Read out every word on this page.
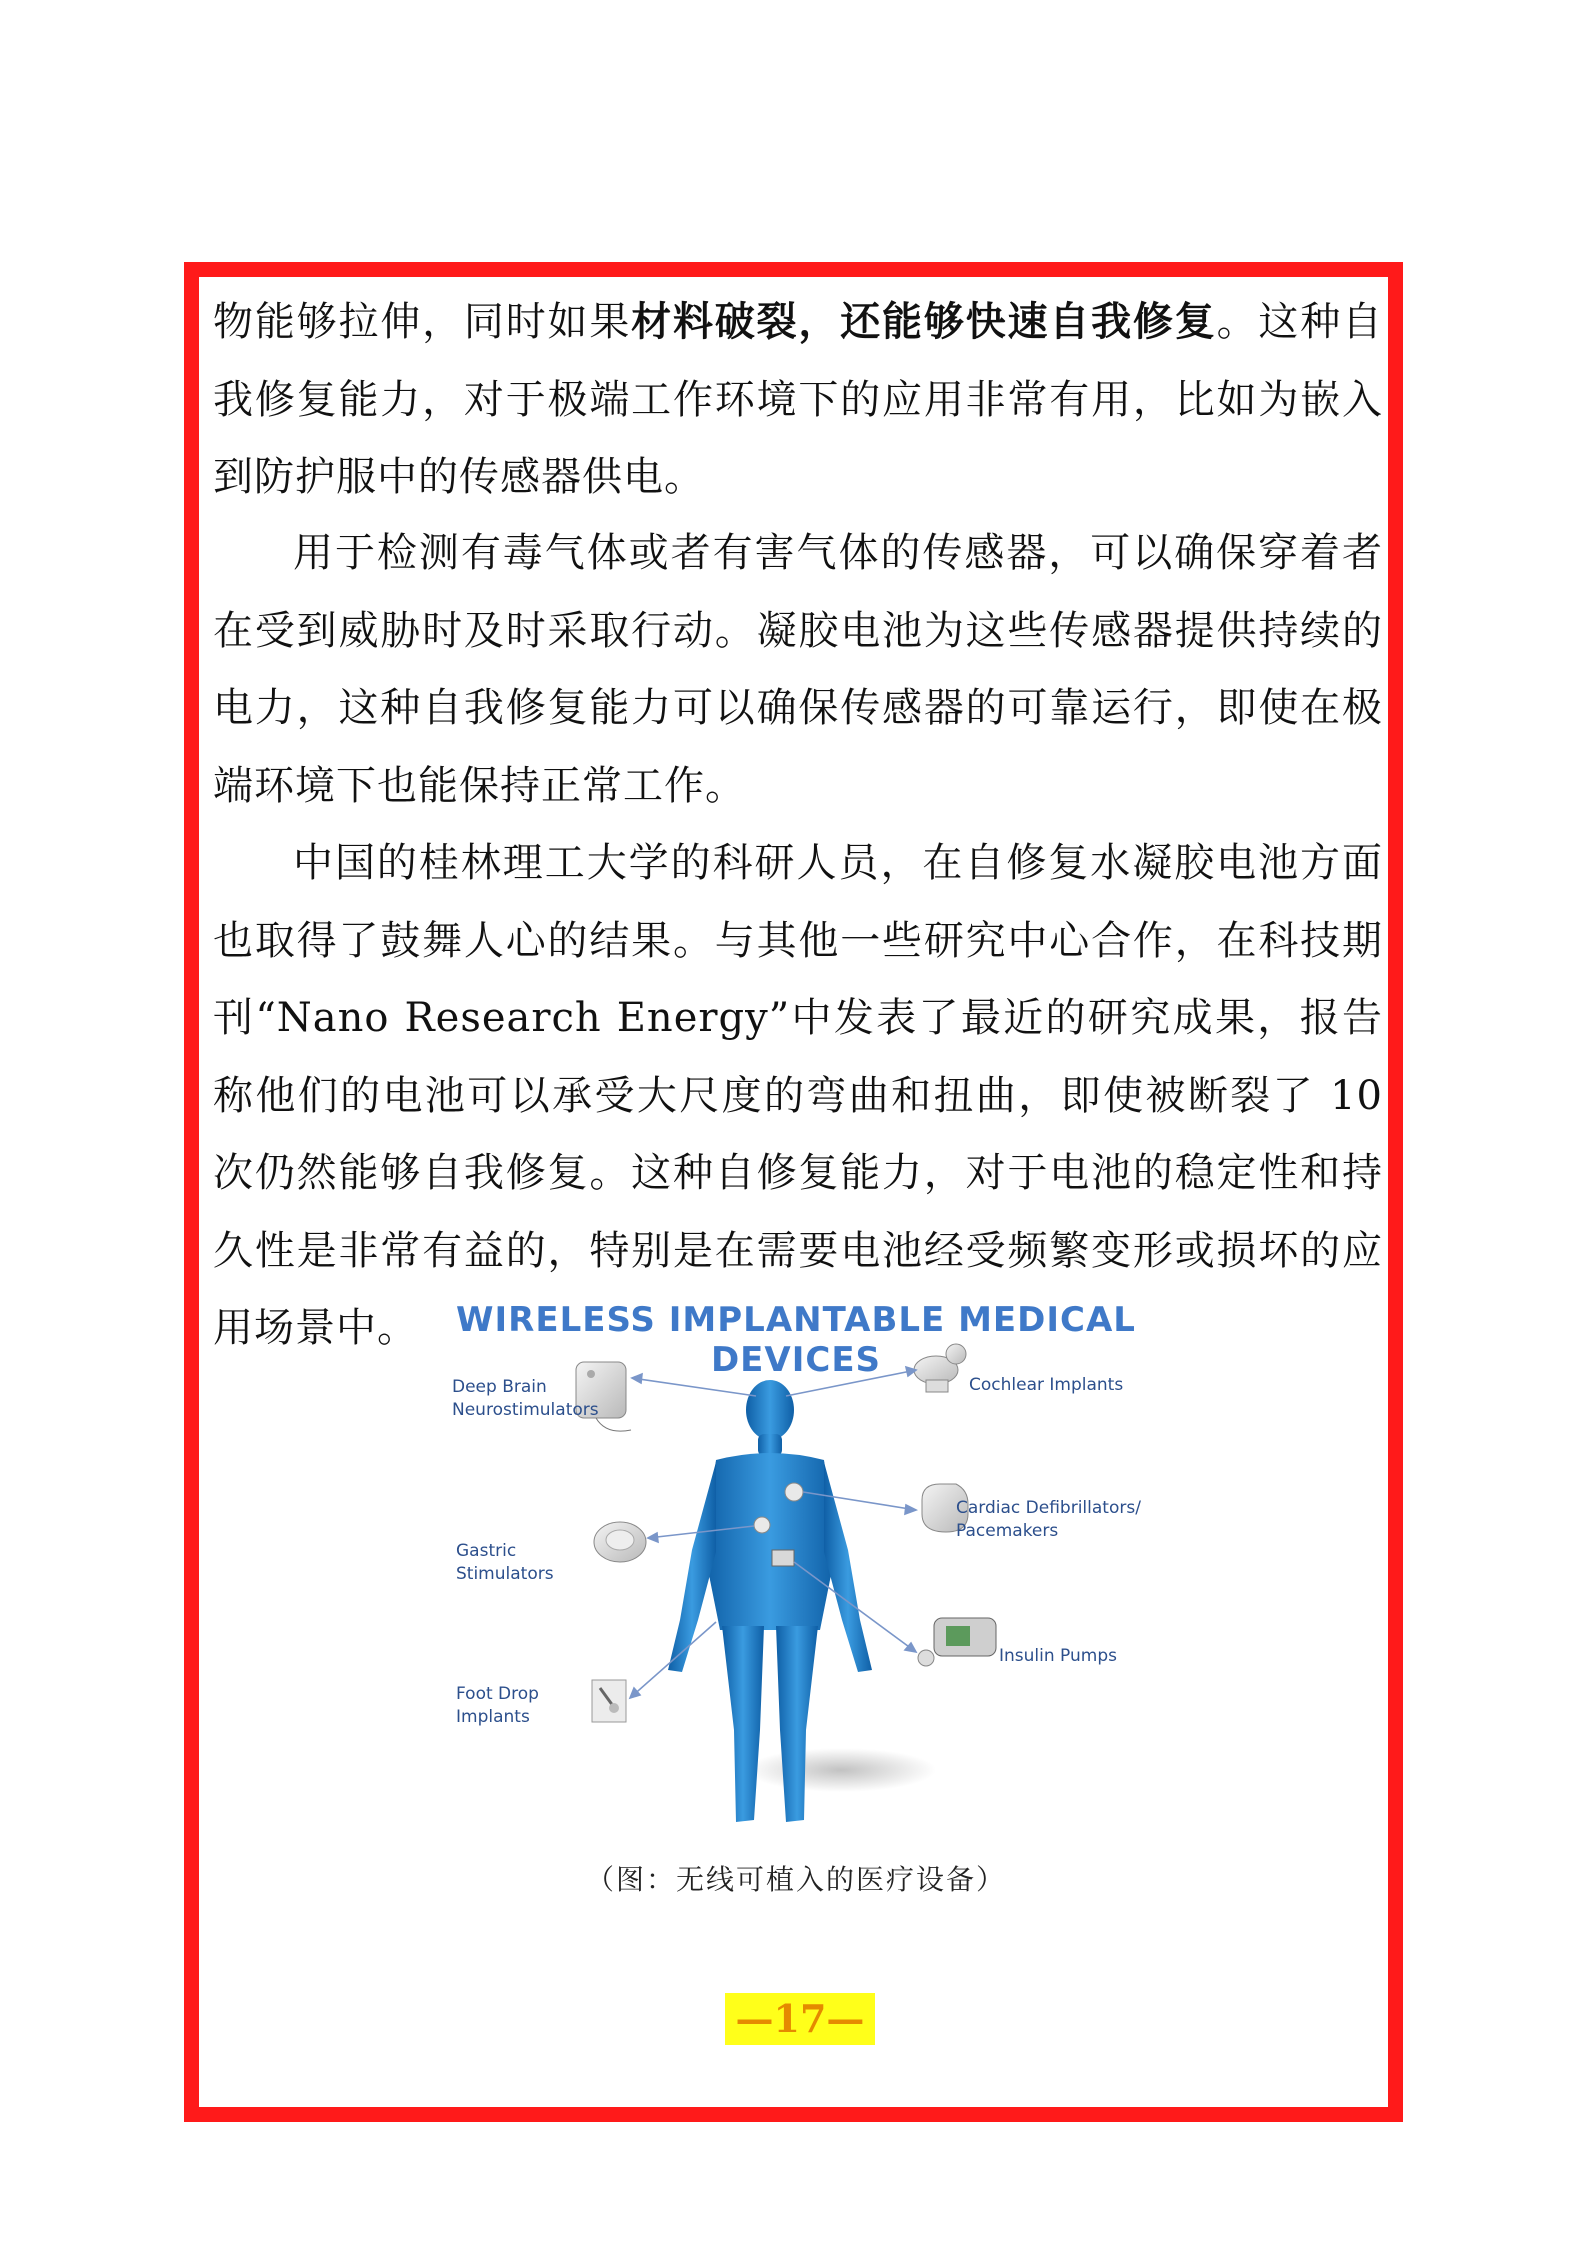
物能够拉伸，同时如果材料破裂，还能够快速自我修复。这种自我修复能力，对于极端工作环境下的应用非常有用，比如为嵌入到防护服中的传感器供电。

用于检测有毒气体或者有害气体的传感器，可以确保穿着者在受到威胁时及时采取行动。凝胶电池为这些传感器提供持续的电力，这种自我修复能力可以确保传感器的可靠运行，即使在极端环境下也能保持正常工作。

中国的桂林理工大学的科研人员，在自修复水凝胶电池方面也取得了鼓舞人心的结果。与其他一些研究中心合作，在科技期刊“Nano Research Energy”中发表了最近的研究成果，报告称他们的电池可以承受大尺度的弯曲和扭曲，即使被断裂了 10 次仍然能够自我修复。这种自修复能力，对于电池的稳定性和持久性是非常有益的，特别是在需要电池经受频繁变形或损坏的应用场景中。	WIRELESS IMPLANTABLE MEDICAL DEVICES
Deep Brain
Neurostimulators
Cochlear Implants
Cardiac Defibrillators/
Pacemakers
Gastric
Stimulators
Insulin Pumps
Foot Drop
Implants
（图：无线可植入的医疗设备）
—17—
